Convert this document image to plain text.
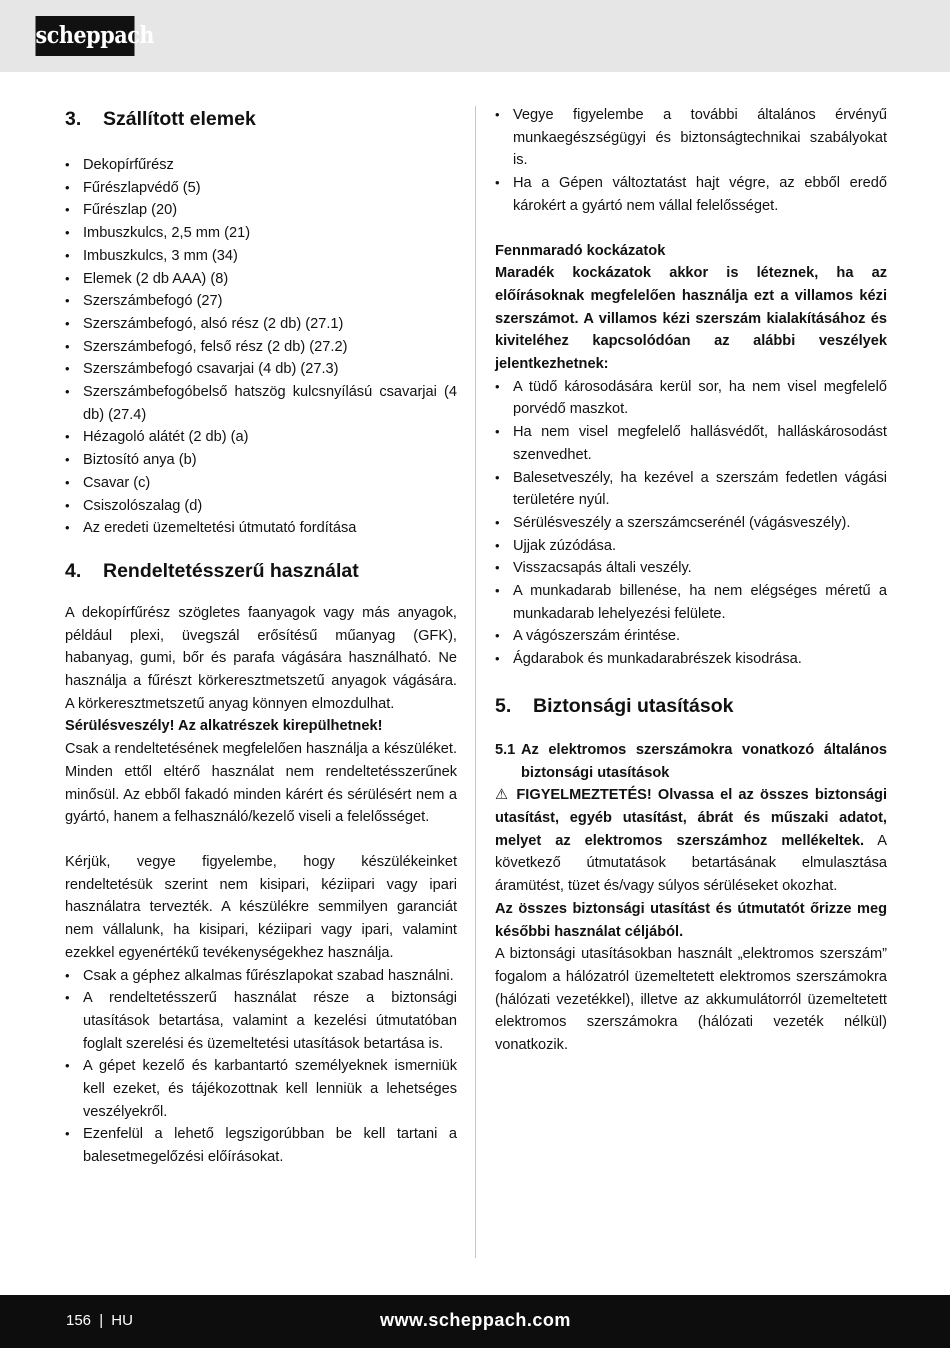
scheppach
3.	Szállított elemek
• Dekopírfűrész
• Fűrészlapvédő (5)
• Fűrészlap (20)
• Imbuszkulcs, 2,5 mm (21)
• Imbuszkulcs, 3 mm (34)
• Elemek (2 db AAA) (8)
• Szerszámbefogó (27)
• Szerszámbefogó, alsó rész (2 db) (27.1)
• Szerszámbefogó, felső rész (2 db) (27.2)
• Szerszámbefogó csavarjai (4 db) (27.3)
• Szerszámbefogóbelső hatszög kulcsnyílású csavarjai (4 db) (27.4)
• Hézagoló alátét (2 db) (a)
• Biztosító anya (b)
• Csavar (c)
• Csiszolószalag (d)
• Az eredeti üzemeltetési útmutató fordítása
4.	Rendeltetésszerű használat

A dekopírfűrész szögletes faanyagok vagy más anyagok, például plexi, üvegszál erősítésű műanyag (GFK), habanyag, gumi, bőr és parafa vágására használható. Ne használja a fűrészt körkeresztmetszetű anyagok vágására. A körkeresztmetszetű anyag könnyen elmozdulhat.

Sérülésveszély! Az alkatrészek kirepülhetnek!

Csak a rendeltetésének megfelelően használja a készüléket. Minden ettől eltérő használat nem rendeltetésszerűnek minősül. Az ebből fakadó minden kárért és sérülésért nem a gyártó, hanem a felhasználó/kezelő viseli a felelősséget.

Kérjük, vegye figyelembe, hogy készülékeinket rendeltetésük szerint nem kisipari, kéziipari vagy ipari használatra tervezték. A készülékre semmilyen garanciát nem vállalunk, ha kisipari, kéziipari vagy ipari, valamint ezekkel egyenértékű tevékenységekhez használja.

• Csak a géphez alkalmas fűrészlapokat szabad használni.
• A rendeltetésszerű használat része a biztonsági utasítások betartása, valamint a kezelési útmutatóban foglalt szerelési és üzemeltetési utasítások betartása is.
• A gépet kezelő és karbantartó személyeknek ismerniük kell ezeket, és tájékozottnak kell lenniük a lehetséges veszélyekről.
• Ezenfelül a lehető legszigorúbban be kell tartani a balesetmegelőzési előírásokat.
• Vegye figyelembe a további általános érvényű munkaegészségügyi és biztonságtechnikai szabályokat is.
• Ha a Gépen változtatást hajt végre, az ebből eredő károkért a gyártó nem vállal felelősséget.

Fennmaradó kockázatok

Maradék kockázatok akkor is léteznek, ha az előírásoknak megfelelően használja ezt a villamos kézi szerszámot. A villamos kézi szerszám kialakításához és kiviteléhez kapcsolódóan az alábbi veszélyek jelentkezhetnek:

• A tüdő károsodására kerül sor, ha nem visel megfelelő porvédő maszkot.
• Ha nem visel megfelelő hallásvédőt, halláskárosodást szenvedhet.
• Balesetveszély, ha kezével a szerszám fedetlen vágási területére nyúl.
• Sérülésveszély a szerszámcserénél (vágásveszély).
• Ujjak zúzódása.
• Visszacsapás általi veszély.
• A munkadarab billenése, ha nem elégséges méretű a munkadarab lehelyezési felülete.
• A vágószerszám érintése.
• Ágdarabok és munkadarabrészek kisodrása.
5.	Biztonsági utasítások
5.1 Az elektromos szerszámokra vonatkozó általános biztonsági utasítások

⚠ FIGYELMEZTETÉS! Olvassa el az összes biztonsági utasítást, egyéb utasítást, ábrát és műszaki adatot, melyet az elektromos szerszámhoz mellékeltek. A következő útmutatások betartásának elmulasztása áramütést, tüzet és/vagy súlyos sérüléseket okozhat.

Az összes biztonsági utasítást és útmutatót őrizze meg későbbi használat céljából.

A biztonsági utasításokban használt „elektromos szerszám” fogalom a hálózatról üzemeltetett elektromos szerszámokra (hálózati vezetékkel), illetve az akkumulátorról üzemeltetett elektromos szerszámokra (hálózati vezeték nélkül) vonatkozik.

156 | HU	www.scheppach.com
